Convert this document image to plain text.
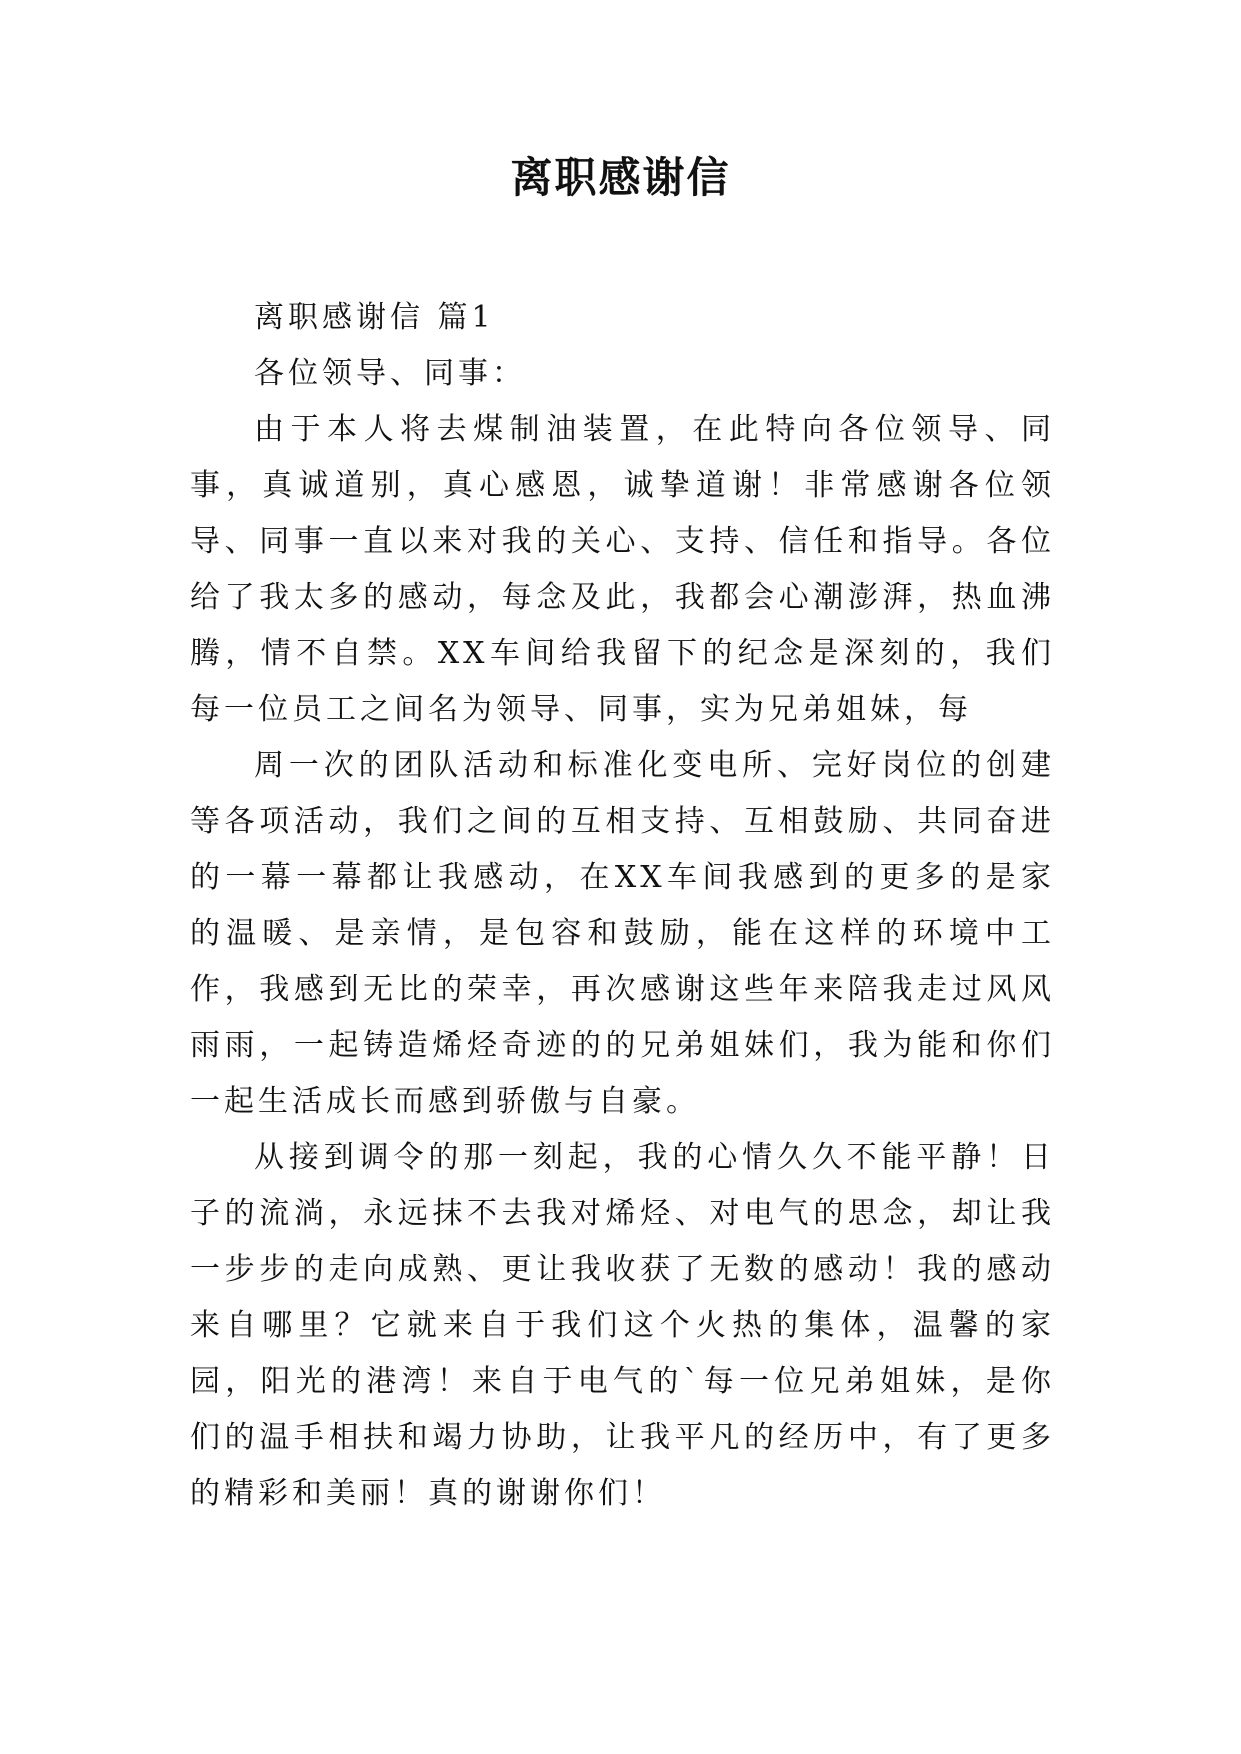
离职感谢信

离职感谢信 篇1

各位领导、同事：

由于本人将去煤制油装置，在此特向各位领导、同事，真诚道别，真心感恩，诚挚道谢！非常感谢各位领导、同事一直以来对我的关心、支持、信任和指导。各位给了我太多的感动，每念及此，我都会心潮澎湃，热血沸腾，情不自禁。XX车间给我留下的纪念是深刻的，我们每一位员工之间名为领导、同事，实为兄弟姐妹，每

周一次的团队活动和标准化变电所、完好岗位的创建等各项活动，我们之间的互相支持、互相鼓励、共同奋进的一幕一幕都让我感动，在XX车间我感到的更多的是家的温暖、是亲情，是包容和鼓励，能在这样的环境中工作，我感到无比的荣幸，再次感谢这些年来陪我走过风风雨雨，一起铸造烯烃奇迹的的兄弟姐妹们，我为能和你们一起生活成长而感到骄傲与自豪。

从接到调令的那一刻起，我的心情久久不能平静！日子的流淌，永远抹不去我对烯烃、对电气的思念，却让我一步步的走向成熟、更让我收获了无数的感动！我的感动来自哪里？它就来自于我们这个火热的集体，温馨的家园，阳光的港湾！来自于电气的`每一位兄弟姐妹，是你们的温手相扶和竭力协助，让我平凡的经历中，有了更多的精彩和美丽！真的谢谢你们！
